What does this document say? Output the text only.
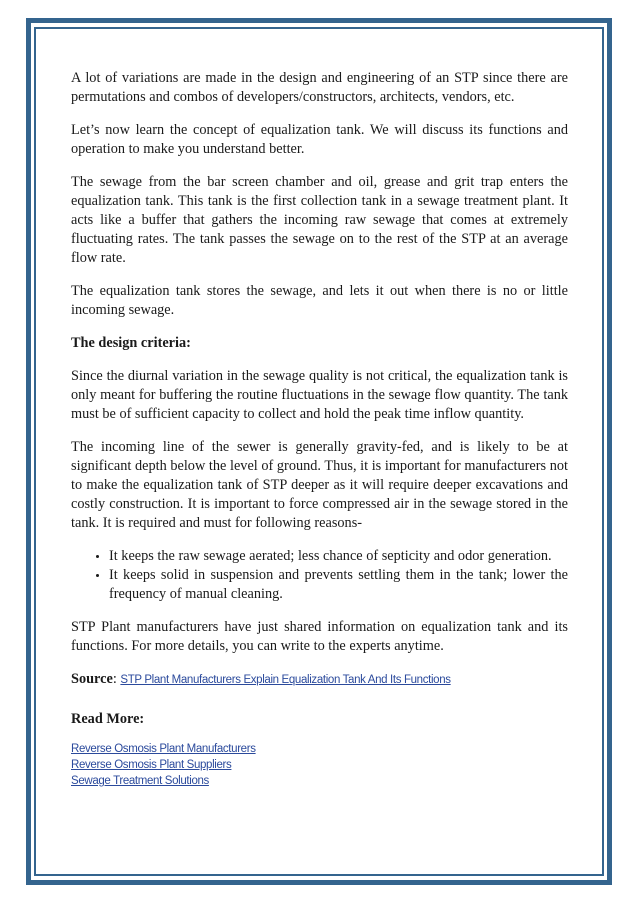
A lot of variations are made in the design and engineering of an STP since there are permutations and combos of developers/constructors, architects, vendors, etc.

Let’s now learn the concept of equalization tank. We will discuss its functions and operation to make you understand better.

The sewage from the bar screen chamber and oil, grease and grit trap enters the equalization tank. This tank is the first collection tank in a sewage treatment plant. It acts like a buffer that gathers the incoming raw sewage that comes at extremely fluctuating rates. The tank passes the sewage on to the rest of the STP at an average flow rate.

The equalization tank stores the sewage, and lets it out when there is no or little incoming sewage.

The design criteria:

Since the diurnal variation in the sewage quality is not critical, the equalization tank is only meant for buffering the routine fluctuations in the sewage flow quantity. The tank must be of sufficient capacity to collect and hold the peak time inflow quantity.

The incoming line of the sewer is generally gravity-fed, and is likely to be at significant depth below the level of ground. Thus, it is important for manufacturers not to make the equalization tank of STP deeper as it will require deeper excavations and costly construction. It is important to force compressed air in the sewage stored in the tank. It is required and must for following reasons-

• It keeps the raw sewage aerated; less chance of septicity and odor generation.
• It keeps solid in suspension and prevents settling them in the tank; lower the frequency of manual cleaning.

STP Plant manufacturers have just shared information on equalization tank and its functions. For more details, you can write to the experts anytime.

Source: STP Plant Manufacturers Explain Equalization Tank And Its Functions
Read More:
Reverse Osmosis Plant Manufacturers
Reverse Osmosis Plant Suppliers
Sewage Treatment Solutions
